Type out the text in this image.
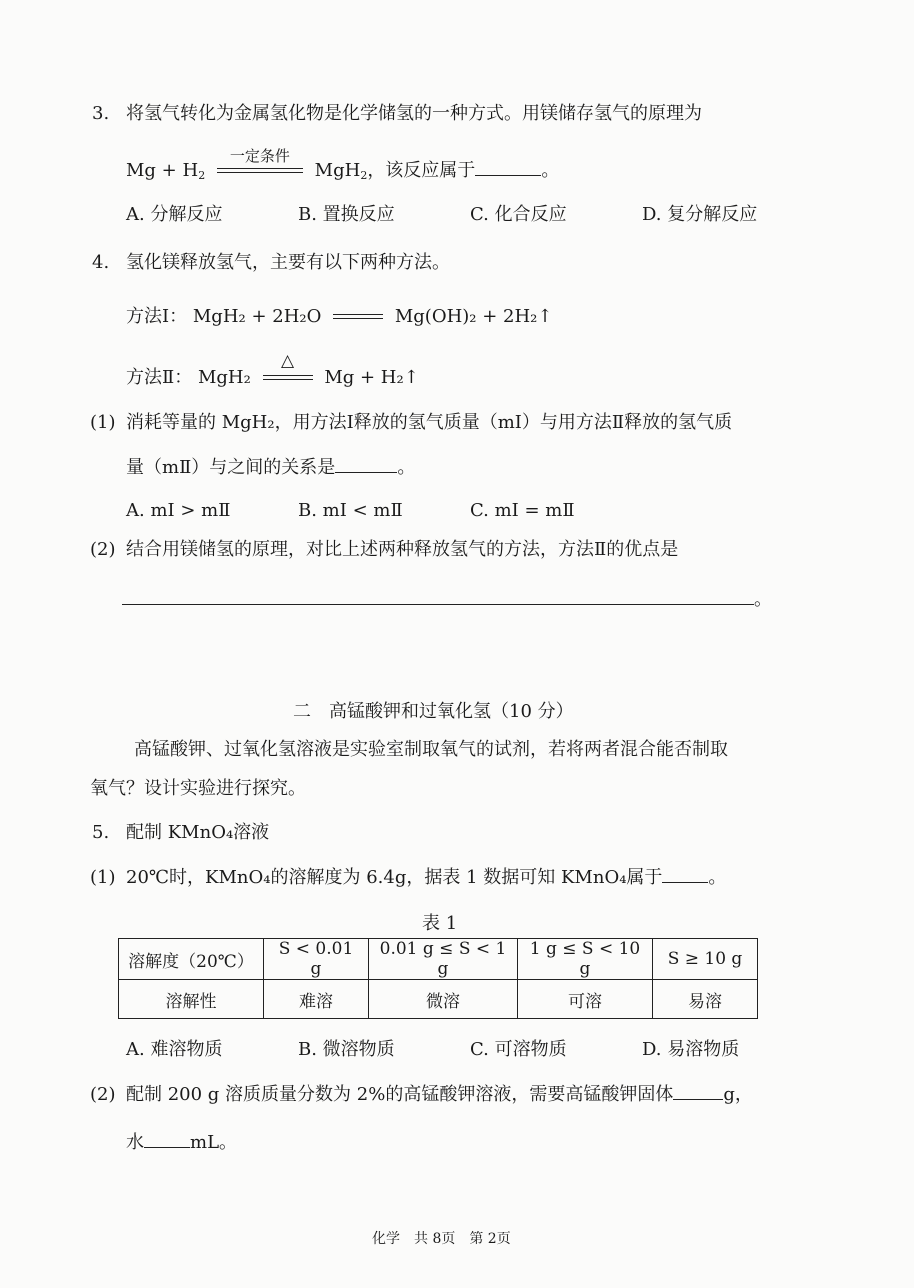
3. 将氢气转化为金属氢化物是化学储氢的一种方式。用镁储存氢气的原理为
$Mg + H_2$
一定条件
MgH$_2$，该反应属于	。
A. 分解反应	B. 置换反应	C. 化合反应	D. 复分解反应
4. 氢化镁释放氢气，主要有以下两种方法。
方法Ⅰ： MgH₂ + 2H₂O	Mg(OH)₂ + 2H₂↑
方法Ⅱ： MgH₂
△
Mg + H₂↑
(1) 消耗等量的 MgH₂，用方法Ⅰ释放的氢气质量（mⅠ）与用方法Ⅱ释放的氢气质
量（mⅡ）与之间的关系是	。
A. mⅠ > mⅡ	B. mⅠ < mⅡ	C. mⅠ = mⅡ
(2) 结合用镁储氢的原理，对比上述两种释放氢气的方法，方法Ⅱ的优点是
。
二　高锰酸钾和过氧化氢（10 分）
高锰酸钾、过氧化氢溶液是实验室制取氧气的试剂，若将两者混合能否制取
氧气？设计实验进行探究。
5. 配制 KMnO₄溶液
(1) 20℃时，KMnO₄的溶解度为 6.4g，据表 1 数据可知 KMnO₄属于	。
表 1
溶解度（20℃）	S < 0.01 g	0.01 g ≤ S < 1 g	1 g ≤ S < 10 g	S ≥ 10 g
溶解性	难溶	微溶	可溶	易溶
A. 难溶物质	B. 微溶物质	C. 可溶物质	D. 易溶物质
(2) 配制 200 g 溶质质量分数为 2%的高锰酸钾溶液，需要高锰酸钾固体	g，
水	mL。
化学　共 8页　第 2页
